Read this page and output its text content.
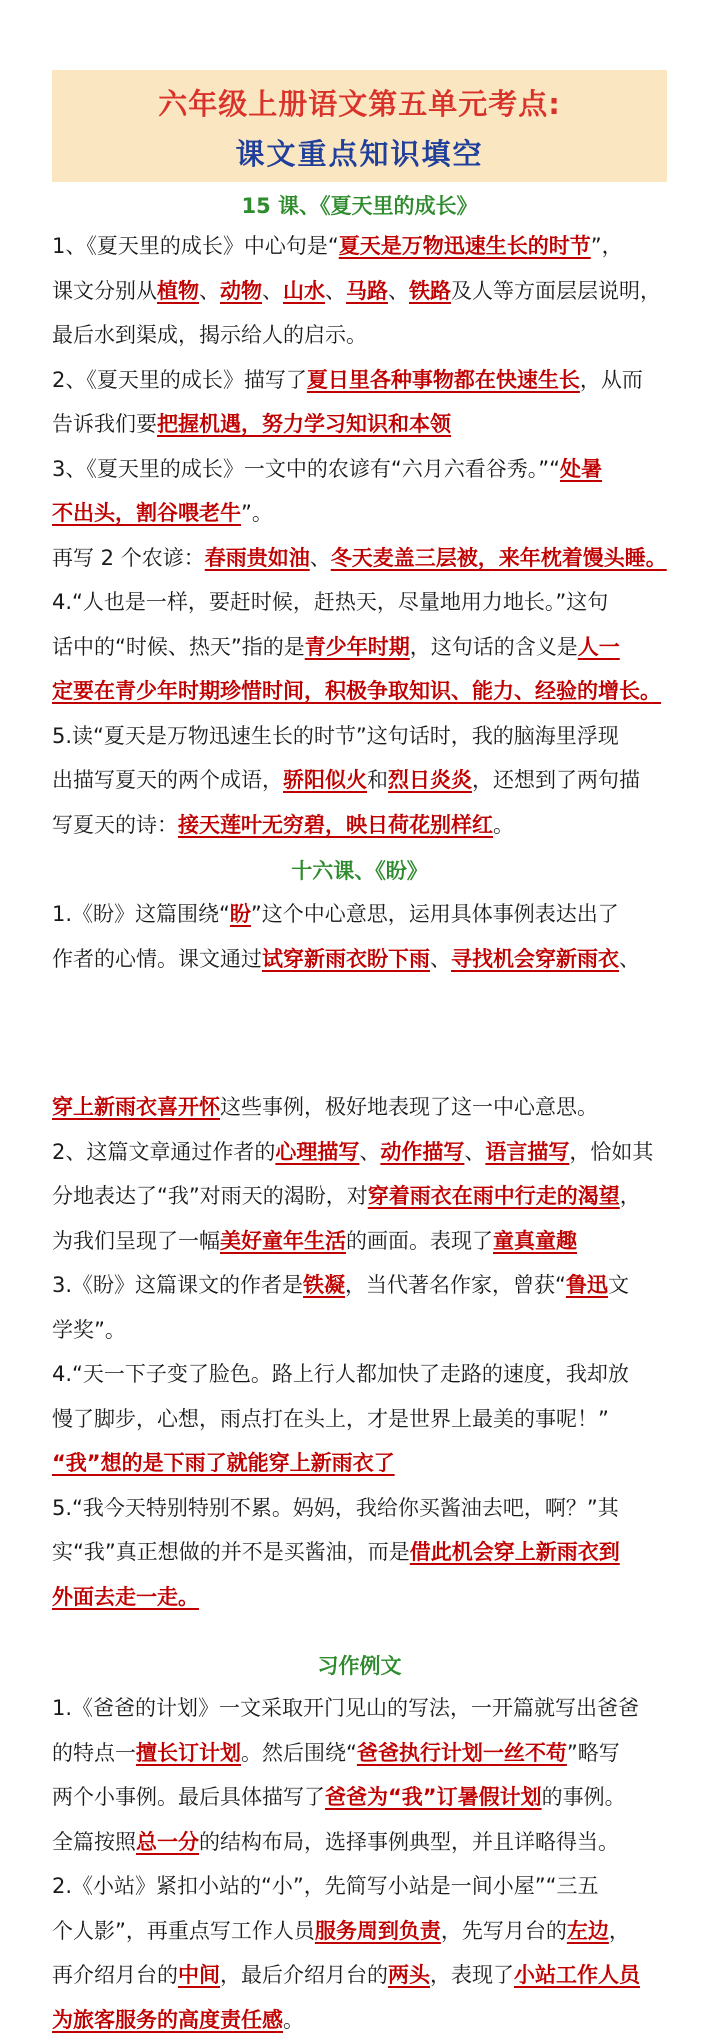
六年级上册语文第五单元考点:
课文重点知识填空
15 课、《夏天里的成长》
1、《夏天里的成长》中心句是“夏天是万物迅速生长的时节”，
课文分别从植物、动物、山水、马路、铁路及人等方面层层说明，
最后水到渠成，揭示给人的启示。
2、《夏天里的成长》描写了夏日里各种事物都在快速生长，从而
告诉我们要把握机遇，努力学习知识和本领
3、《夏天里的成长》一文中的农谚有“六月六看谷秀。”“处暑
不出头，割谷喂老牛”。
再写 2 个农谚：春雨贵如油、冬天麦盖三层被，来年枕着馒头睡。
4.“人也是一样，要赶时候，赶热天，尽量地用力地长。”这句
话中的“时候、热天”指的是青少年时期，这句话的含义是人一
定要在青少年时期珍惜时间，积极争取知识、能力、经验的增长。
5.读“夏天是万物迅速生长的时节”这句话时，我的脑海里浮现
出描写夏天的两个成语，骄阳似火和烈日炎炎，还想到了两句描
写夏天的诗：接天莲叶无穷碧，映日荷花别样红。
十六课、《盼》
1.《盼》这篇围绕“盼”这个中心意思，运用具体事例表达出了
作者的心情。课文通过试穿新雨衣盼下雨、寻找机会穿新雨衣、
穿上新雨衣喜开怀这些事例，极好地表现了这一中心意思。
2、这篇文章通过作者的心理描写、动作描写、语言描写，恰如其
分地表达了“我”对雨天的渴盼，对穿着雨衣在雨中行走的渴望，
为我们呈现了一幅美好童年生活的画面。表现了童真童趣
3.《盼》这篇课文的作者是铁凝，当代著名作家，曾获“鲁迅文
学奖”。
4.“天一下子变了脸色。路上行人都加快了走路的速度，我却放
慢了脚步，心想，雨点打在头上，才是世界上最美的事呢！”
“我”想的是下雨了就能穿上新雨衣了
5.“我今天特别特别不累。妈妈，我给你买酱油去吧，啊？”其
实“我”真正想做的并不是买酱油，而是借此机会穿上新雨衣到
外面去走一走。
习作例文
1.《爸爸的计划》一文采取开门见山的写法，一开篇就写出爸爸
的特点一擅长订计划。然后围绕“爸爸执行计划一丝不苟”略写
两个小事例。最后具体描写了爸爸为“我”订暑假计划的事例。
全篇按照总一分的结构布局，选择事例典型，并且详略得当。
2.《小站》紧扣小站的“小”，先简写小站是一间小屋”“三五
个人影”，再重点写工作人员服务周到负责，先写月台的左边，
再介绍月台的中间，最后介绍月台的两头，表现了小站工作人员
为旅客服务的高度责任感。
